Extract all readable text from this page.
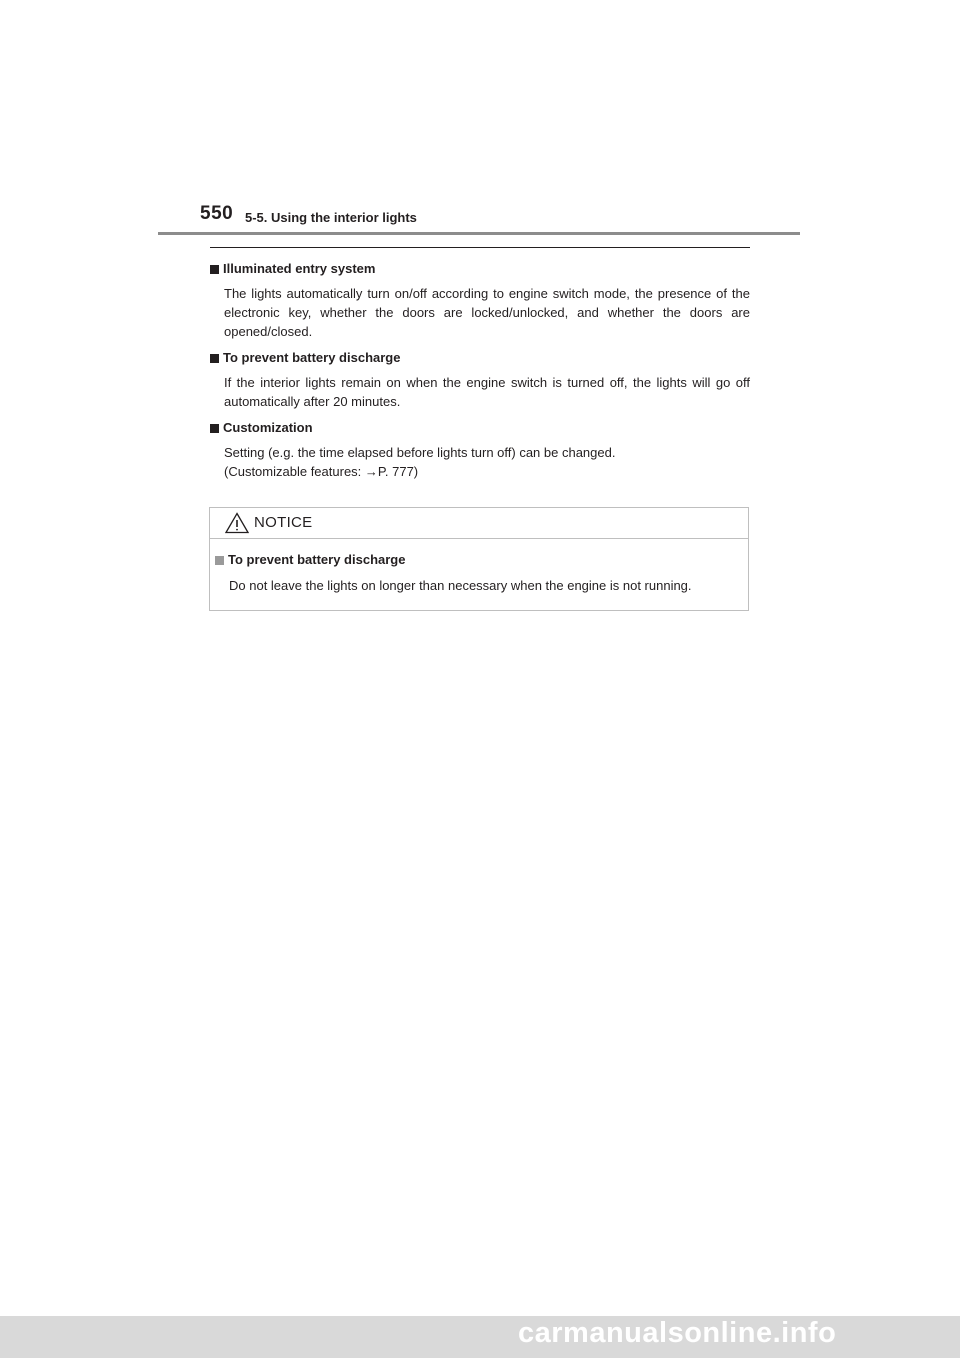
550 5-5. Using the interior lights
Illuminated entry system

The lights automatically turn on/off according to engine switch mode, the presence of the electronic key, whether the doors are locked/unlocked, and whether the doors are opened/closed.

To prevent battery discharge

If the interior lights remain on when the engine switch is turned off, the lights will go off automatically after 20 minutes.

Customization

Setting (e.g. the time elapsed before lights turn off) can be changed.

(Customizable features: →P. 777)

NOTICE
To prevent battery discharge

Do not leave the lights on longer than necessary when the engine is not running.

carmanualsonline.info
